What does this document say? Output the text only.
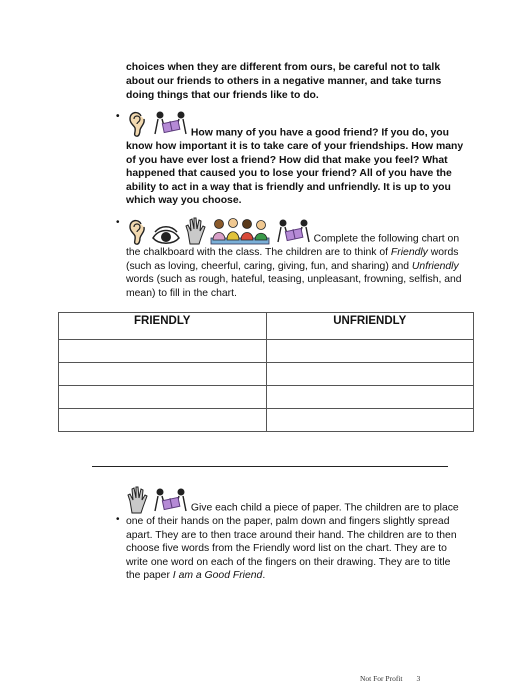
choices when they are different from ours, be careful not to talk about our friends to others in a negative manner, and take turns doing things that our friends like to do.
•
How many of you have a good friend? If you do, you know how important it is to take care of your friendships. How many of you have ever lost a friend? How did that make you feel? What happened that caused you to lose your friend? All of you have the ability to act in a way that is friendly and unfriendly. It is up to you which way you choose.
•
Complete the following chart on the chalkboard with the class. The children are to think of Friendly words (such as loving, cheerful, caring, giving, fun, and sharing) and Unfriendly words (such as rough, hateful, teasing, unpleasant, frowning, selfish, and mean) to fill in the chart.
FRIENDLY	UNFRIENDLY

•
Give each child a piece of paper. The children are to place one of their hands on the paper, palm down and fingers slightly spread apart. They are to then trace around their hand. The children are to then choose five words from the Friendly word list on the chart. They are to write one word on each of the fingers on their drawing. They are to title the paper I am a Good Friend.
Not For Profit 3
